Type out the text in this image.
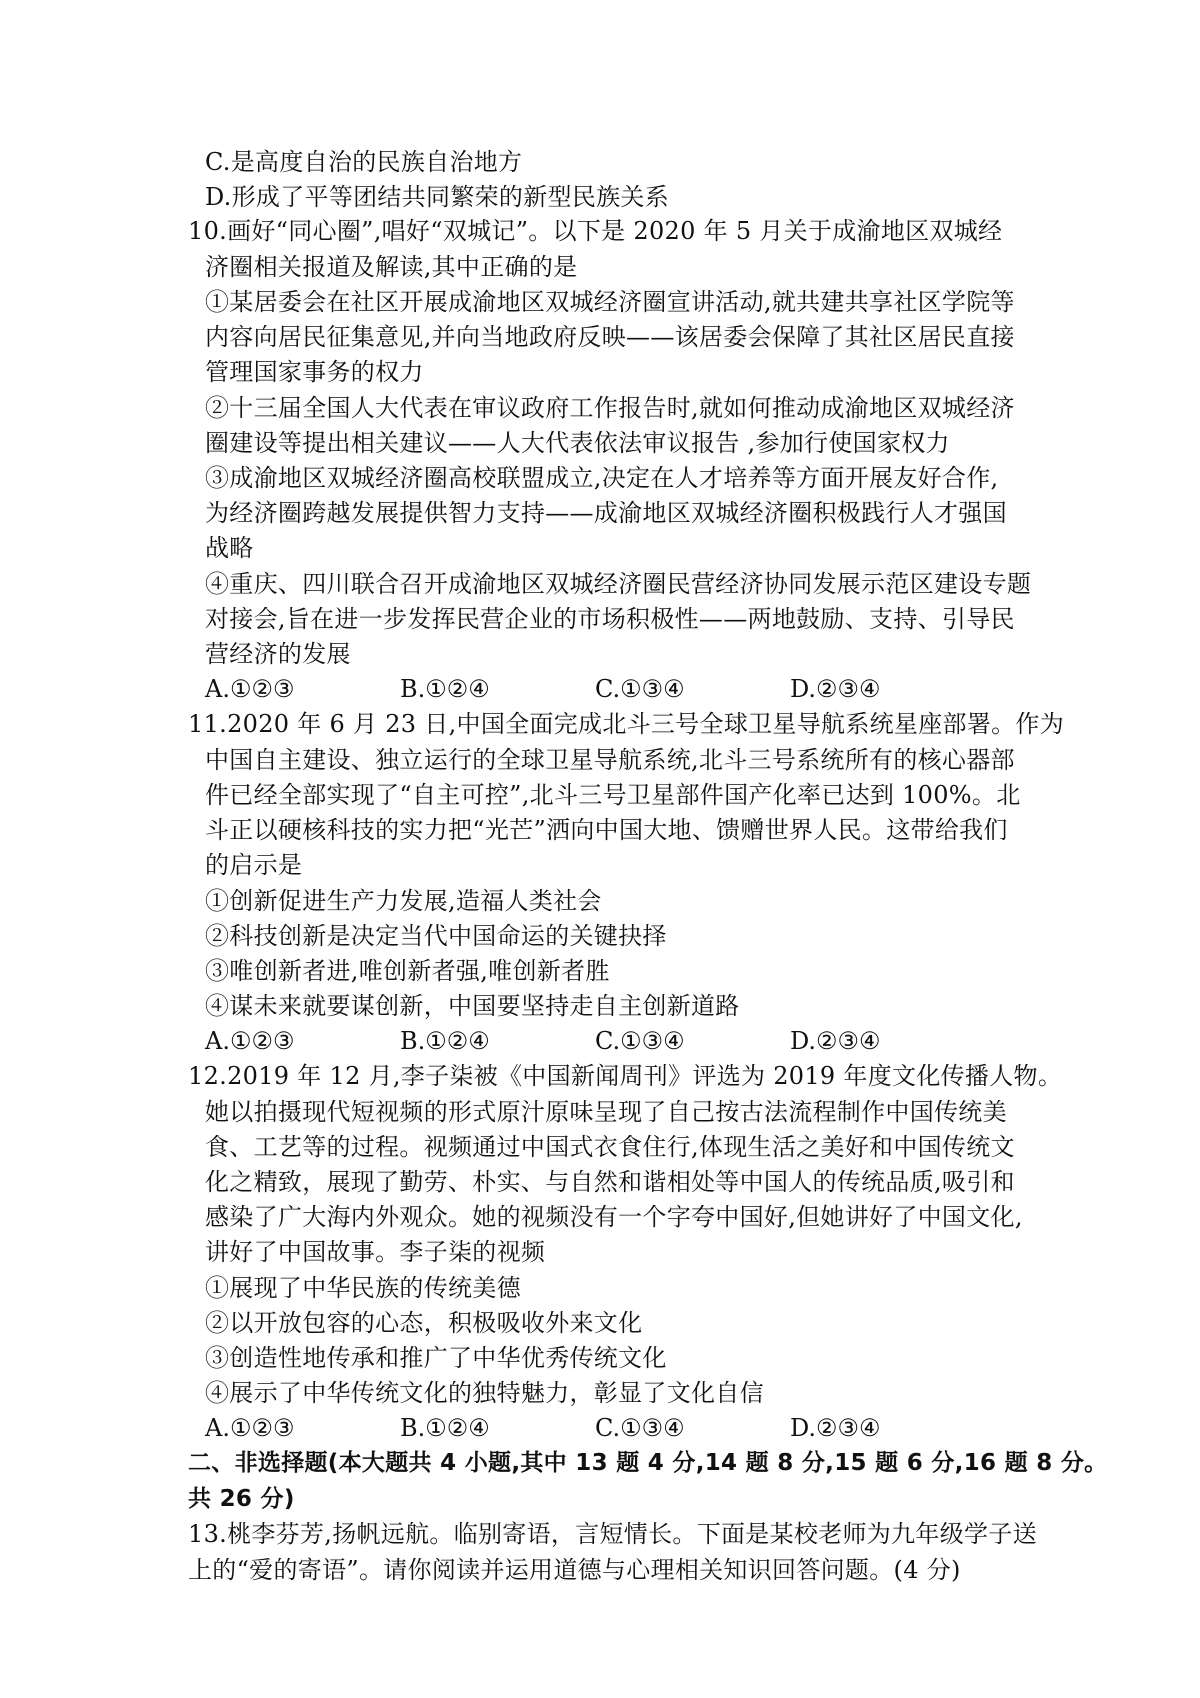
C.是高度自治的民族自治地方
D.形成了平等团结共同繁荣的新型民族关系
10.画好“同心圈”,唱好“双城记”。以下是 2020 年 5 月关于成渝地区双城经
济圈相关报道及解读,其中正确的是
①某居委会在社区开展成渝地区双城经济圈宣讲活动,就共建共享社区学院等
内容向居民征集意见,并向当地政府反映——该居委会保障了其社区居民直接
管理国家事务的权力
②十三届全国人大代表在审议政府工作报告时,就如何推动成渝地区双城经济
圈建设等提出相关建议——人大代表依法审议报告 ,参加行使国家权力
③成渝地区双城经济圈高校联盟成立,决定在人才培养等方面开展友好合作,
为经济圈跨越发展提供智力支持——成渝地区双城经济圈积极践行人才强国
战略
④重庆、四川联合召开成渝地区双城经济圈民营经济协同发展示范区建设专题
对接会,旨在进一步发挥民营企业的市场积极性——两地鼓励、支持、引导民
营经济的发展
A.①②③	B.①②④	C.①③④	D.②③④
11.2020 年 6 月 23 日,中国全面完成北斗三号全球卫星导航系统星座部署。作为
中国自主建设、独立运行的全球卫星导航系统,北斗三号系统所有的核心器部
件已经全部实现了“自主可控”,北斗三号卫星部件国产化率已达到 100%。北
斗正以硬核科技的实力把“光芒”洒向中国大地、馈赠世界人民。这带给我们
的启示是
①创新促进生产力发展,造福人类社会
②科技创新是决定当代中国命运的关键抉择
③唯创新者进,唯创新者强,唯创新者胜
④谋未来就要谋创新，中国要坚持走自主创新道路
A.①②③	B.①②④	C.①③④	D.②③④
12.2019 年 12 月,李子柒被《中国新闻周刊》评选为 2019 年度文化传播人物。
她以拍摄现代短视频的形式原汁原味呈现了自己按古法流程制作中国传统美
食、工艺等的过程。视频通过中国式衣食住行,体现生活之美好和中国传统文
化之精致，展现了勤劳、朴实、与自然和谐相处等中国人的传统品质,吸引和
感染了广大海内外观众。她的视频没有一个字夸中国好,但她讲好了中国文化,
讲好了中国故事。李子柒的视频
①展现了中华民族的传统美德
②以开放包容的心态，积极吸收外来文化
③创造性地传承和推广了中华优秀传统文化
④展示了中华传统文化的独特魅力，彰显了文化自信
A.①②③	B.①②④	C.①③④	D.②③④
二、非选择题(本大题共 4 小题,其中 13 题 4 分,14 题 8 分,15 题 6 分,16 题 8 分。
共 26 分)
13.桃李芬芳,扬帆远航。临别寄语，言短情长。下面是某校老师为九年级学子送
上的“爱的寄语”。请你阅读并运用道德与心理相关知识回答问题。(4 分)
